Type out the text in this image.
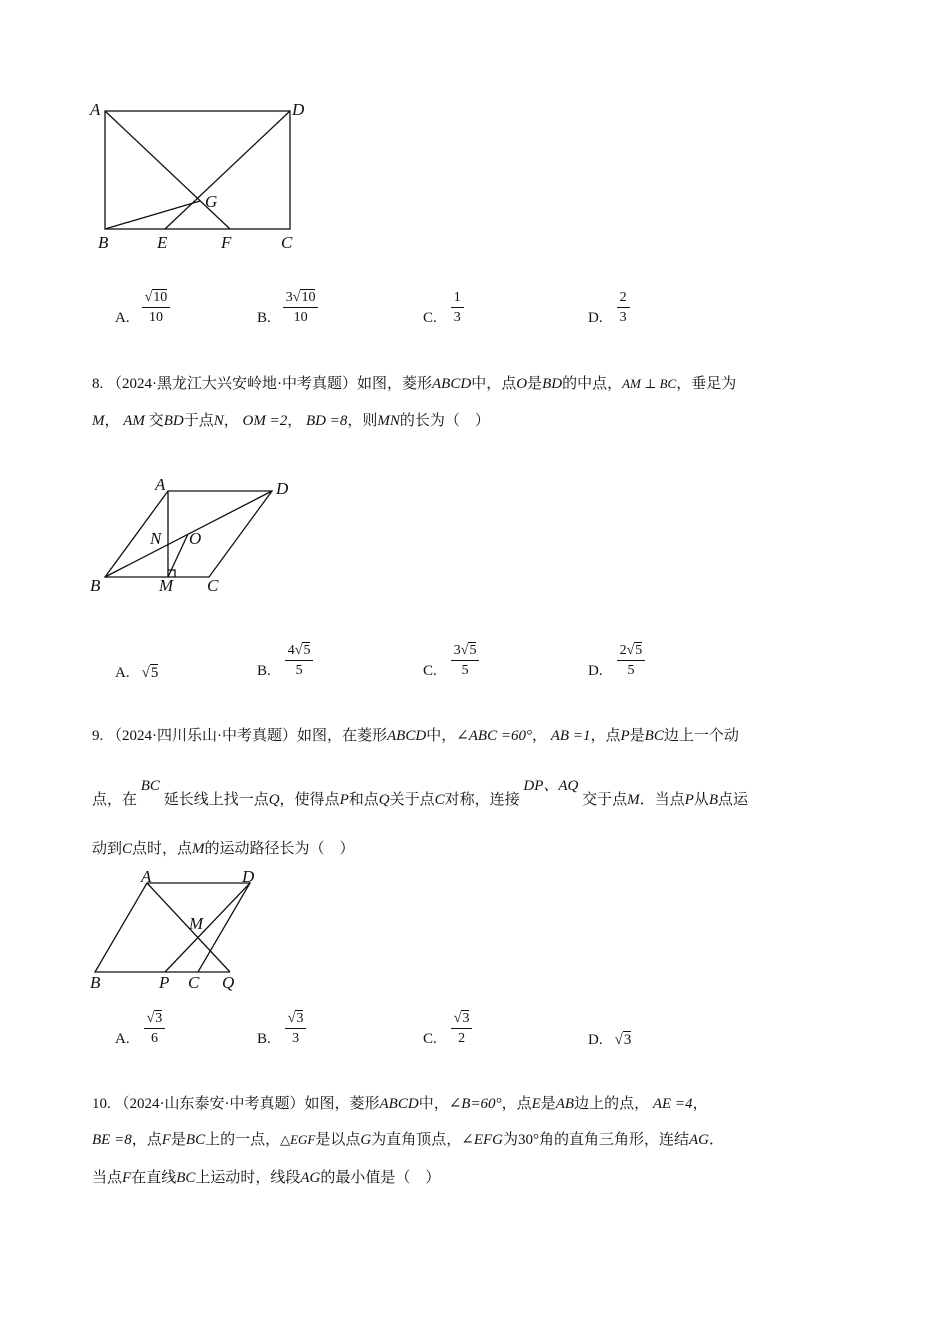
A	D
G
B	E	F	C
A. $\frac{√10}{10}$	B. $\frac{3√10}{10}$	C. $\frac{1}{3}$	D. $\frac{2}{3}$
8. （2024·黑龙江大兴安岭地·中考真题）如图，菱形ABCD中，点O是BD的中点，AM ⊥ BC，垂足为
M， AM 交BD于点N， OM =2， BD =8，则MN的长为（　）
A	D
N O
B	M C
A. √5	B. $\frac{4√5}{5}$	C. $\frac{3√5}{5}$	D. $\frac{2√5}{5}$
9. （2024·四川乐山·中考真题）如图，在菱形ABCD中，∠ABC =60°， AB =1，点P是BC边上一个动
点，在 BC 延长线上找一点Q，使得点P和点Q关于点C对称，连接 DP、AQ 交于点M．当点P从B点运
动到C点时，点M的运动路径长为（　）
A	D
M
B	P C Q
A. $\frac{√3}{6}$	B. $\frac{√3}{3}$	C. $\frac{√3}{2}$	D. √3
10. （2024·山东泰安·中考真题）如图，菱形ABCD中，∠B=60°，点E是AB边上的点， AE =4，
BE =8，点F是BC上的一点，△EGF是以点G为直角顶点，∠EFG为30°角的直角三角形，连结AG．
当点F在直线BC上运动时，线段AG的最小值是（　）
